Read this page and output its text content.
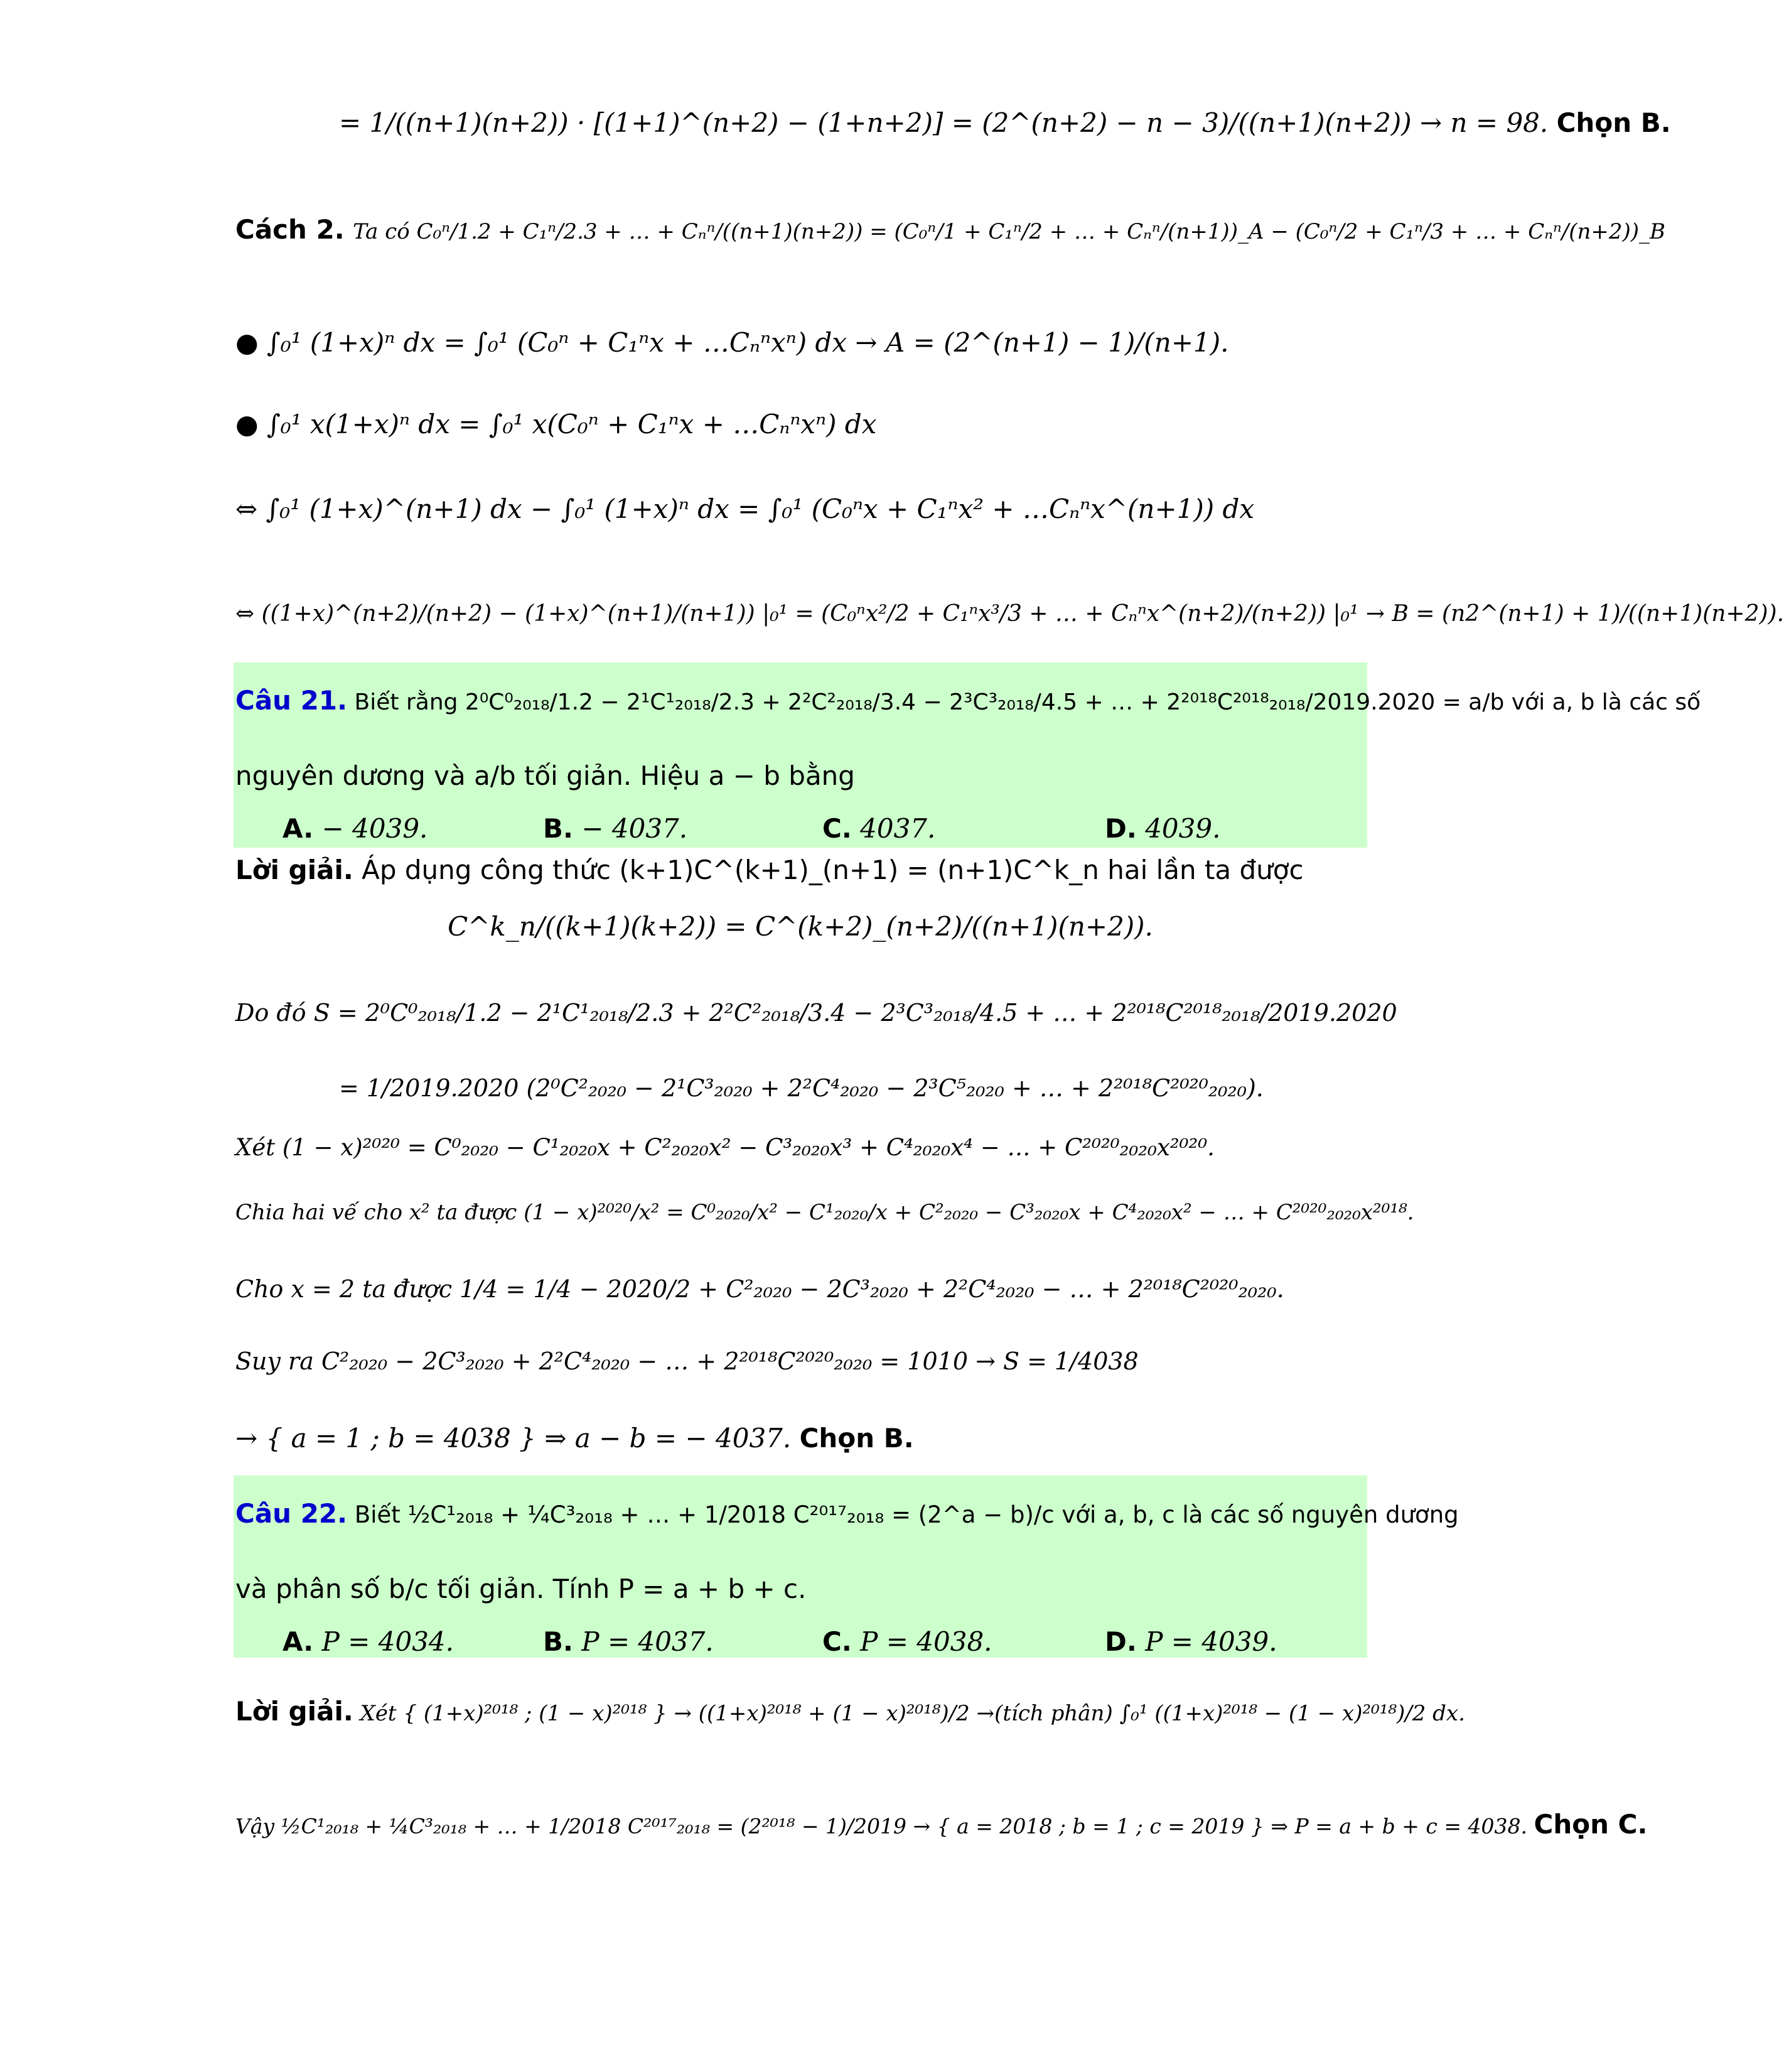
= 1/((n+1)(n+2)) · [(1+1)^(n+2) − (1+n+2)] = (2^(n+2) − n − 3)/((n+1)(n+2)) → n = 98. Chọn B.
Cách 2. Ta có C₀ⁿ/1.2 + C₁ⁿ/2.3 + … + Cₙⁿ/((n+1)(n+2)) = (C₀ⁿ/1 + C₁ⁿ/2 + … + Cₙⁿ/(n+1))_A − (C₀ⁿ/2 + C₁ⁿ/3 + … + Cₙⁿ/(n+2))_B
● ∫₀¹ (1+x)ⁿ dx = ∫₀¹ (C₀ⁿ + C₁ⁿx + …Cₙⁿxⁿ) dx → A = (2^(n+1) − 1)/(n+1).
● ∫₀¹ x(1+x)ⁿ dx = ∫₀¹ x(C₀ⁿ + C₁ⁿx + …Cₙⁿxⁿ) dx
⇔ ∫₀¹ (1+x)^(n+1) dx − ∫₀¹ (1+x)ⁿ dx = ∫₀¹ (C₀ⁿx + C₁ⁿx² + …Cₙⁿx^(n+1)) dx
⇔ ((1+x)^(n+2)/(n+2) − (1+x)^(n+1)/(n+1)) |₀¹ = (C₀ⁿx²/2 + C₁ⁿx³/3 + … + Cₙⁿx^(n+2)/(n+2)) |₀¹ → B = (n2^(n+1) + 1)/((n+1)(n+2)).
Câu 21. Biết rằng 2⁰C⁰₂₀₁₈/1.2 − 2¹C¹₂₀₁₈/2.3 + 2²C²₂₀₁₈/3.4 − 2³C³₂₀₁₈/4.5 + … + 2²⁰¹⁸C²⁰¹⁸₂₀₁₈/2019.2020 = a/b với a, b là các số
nguyên dương và a/b tối giản. Hiệu a − b bằng
A. − 4039.	B. − 4037.	C. 4037.	D. 4039.
Lời giải. Áp dụng công thức (k+1)C^(k+1)_(n+1) = (n+1)C^k_n hai lần ta được
C^k_n/((k+1)(k+2)) = C^(k+2)_(n+2)/((n+1)(n+2)).
Do đó S = 2⁰C⁰₂₀₁₈/1.2 − 2¹C¹₂₀₁₈/2.3 + 2²C²₂₀₁₈/3.4 − 2³C³₂₀₁₈/4.5 + … + 2²⁰¹⁸C²⁰¹⁸₂₀₁₈/2019.2020
= 1/2019.2020 (2⁰C²₂₀₂₀ − 2¹C³₂₀₂₀ + 2²C⁴₂₀₂₀ − 2³C⁵₂₀₂₀ + … + 2²⁰¹⁸C²⁰²⁰₂₀₂₀).
Xét (1 − x)²⁰²⁰ = C⁰₂₀₂₀ − C¹₂₀₂₀x + C²₂₀₂₀x² − C³₂₀₂₀x³ + C⁴₂₀₂₀x⁴ − … + C²⁰²⁰₂₀₂₀x²⁰²⁰.
Chia hai vế cho x² ta được (1 − x)²⁰²⁰/x² = C⁰₂₀₂₀/x² − C¹₂₀₂₀/x + C²₂₀₂₀ − C³₂₀₂₀x + C⁴₂₀₂₀x² − … + C²⁰²⁰₂₀₂₀x²⁰¹⁸.
Cho x = 2 ta được 1/4 = 1/4 − 2020/2 + C²₂₀₂₀ − 2C³₂₀₂₀ + 2²C⁴₂₀₂₀ − … + 2²⁰¹⁸C²⁰²⁰₂₀₂₀.
Suy ra C²₂₀₂₀ − 2C³₂₀₂₀ + 2²C⁴₂₀₂₀ − … + 2²⁰¹⁸C²⁰²⁰₂₀₂₀ = 1010 → S = 1/4038
→ { a = 1 ; b = 4038 } ⇒ a − b = − 4037. Chọn B.
Câu 22. Biết ½C¹₂₀₁₈ + ¼C³₂₀₁₈ + … + 1/2018 C²⁰¹⁷₂₀₁₈ = (2^a − b)/c với a, b, c là các số nguyên dương
và phân số b/c tối giản. Tính P = a + b + c.
A. P = 4034.	B. P = 4037.	C. P = 4038.	D. P = 4039.
Lời giải. Xét { (1+x)²⁰¹⁸ ; (1 − x)²⁰¹⁸ } → ((1+x)²⁰¹⁸ + (1 − x)²⁰¹⁸)/2 →(tích phân) ∫₀¹ ((1+x)²⁰¹⁸ − (1 − x)²⁰¹⁸)/2 dx.
Vậy ½C¹₂₀₁₈ + ¼C³₂₀₁₈ + … + 1/2018 C²⁰¹⁷₂₀₁₈ = (2²⁰¹⁸ − 1)/2019 → { a = 2018 ; b = 1 ; c = 2019 } ⇒ P = a + b + c = 4038. Chọn C.
